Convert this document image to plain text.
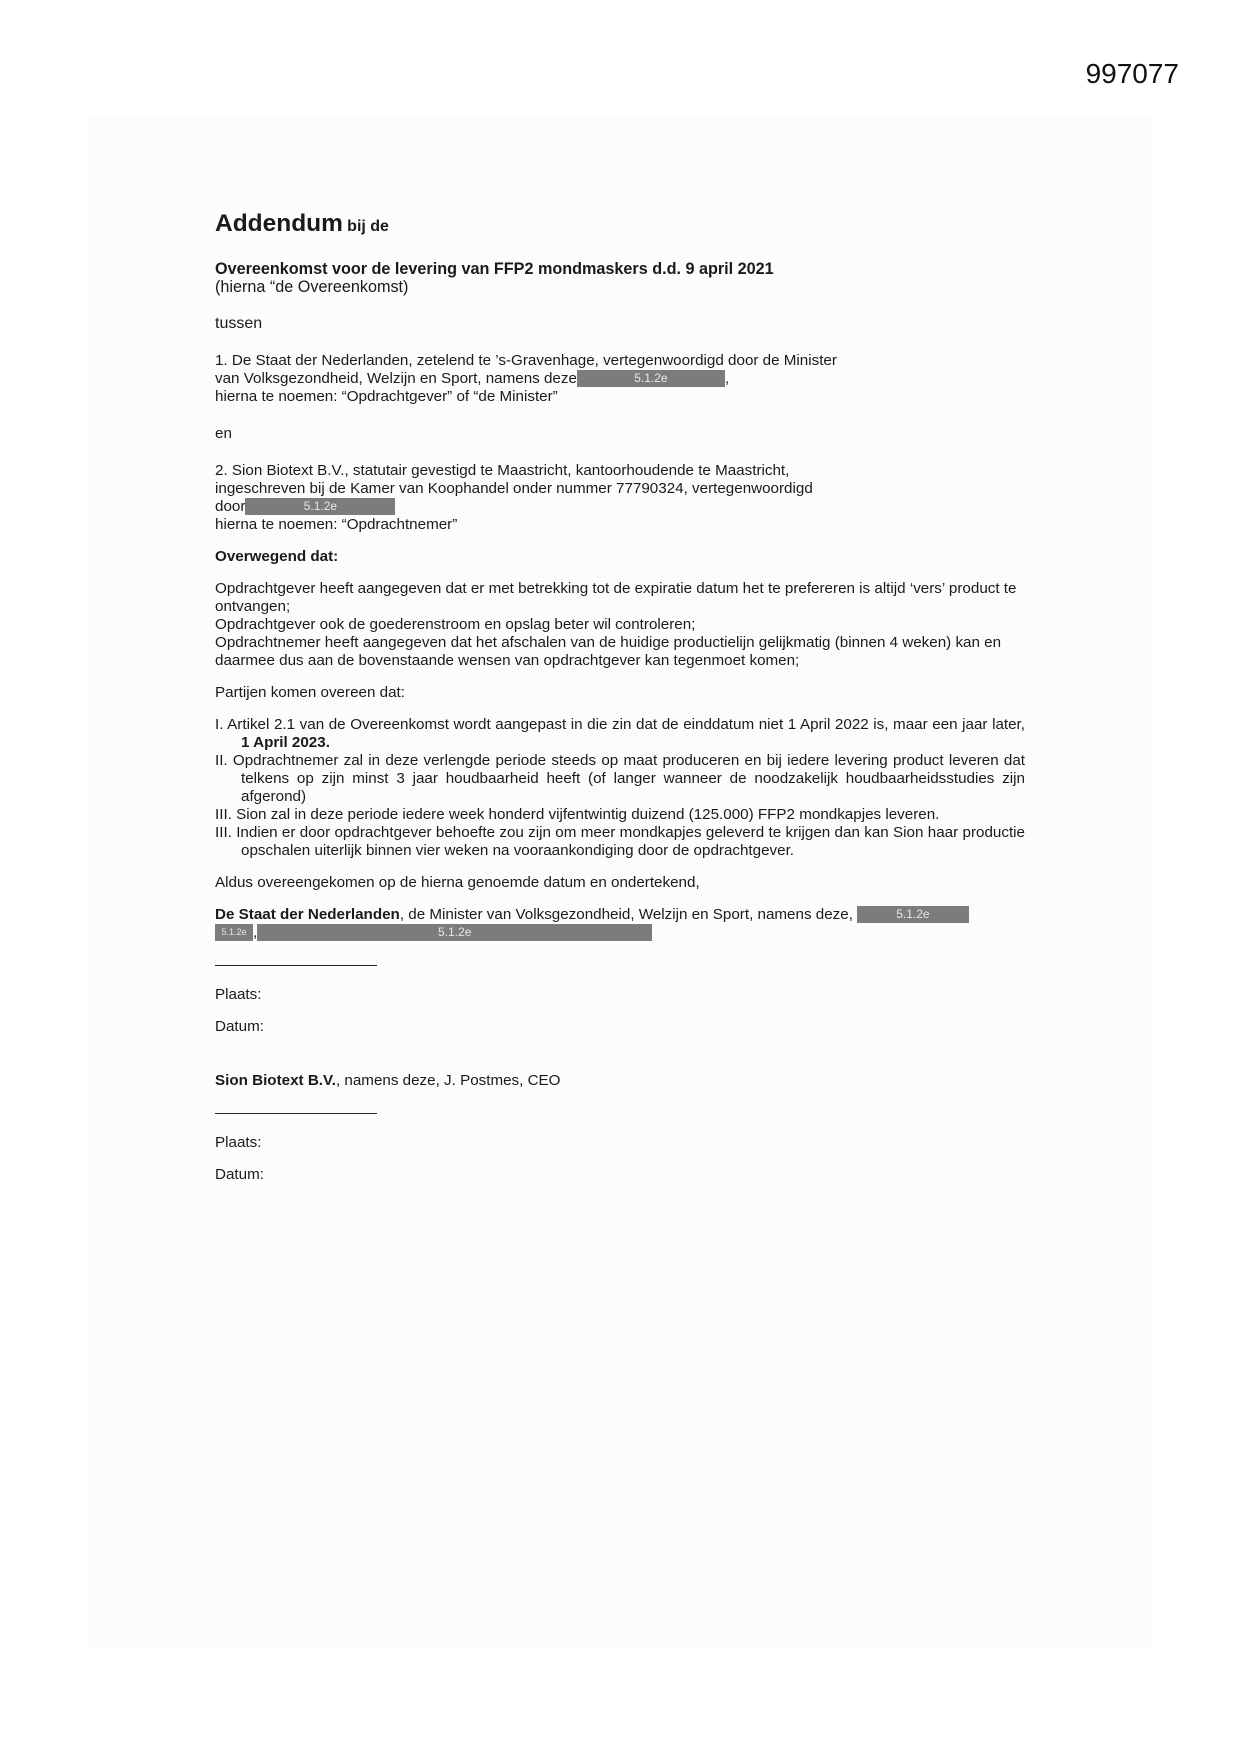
997077
Addendum bij de

Overeenkomst voor de levering van FFP2 mondmaskers d.d. 9 april 2021

(hierna “de Overeenkomst)

tussen

1. De Staat der Nederlanden, zetelend te ’s-Gravenhage, vertegenwoordigd door de Minister

van Volksgezondheid, Welzijn en Sport, namens deze	5.1.2e	,

hierna te noemen: “Opdrachtgever” of “de Minister”

en

2. Sion Biotext B.V., statutair gevestigd te Maastricht, kantoorhoudende te Maastricht,

ingeschreven bij de Kamer van Koophandel onder nummer 77790324, vertegenwoordigd

door	5.1.2e

hierna te noemen: “Opdrachtnemer”

Overwegend dat:

Opdrachtgever heeft aangegeven dat er met betrekking tot de expiratie datum het te prefereren is altijd ‘vers’ product te ontvangen;

Opdrachtgever ook de goederenstroom en opslag beter wil controleren;

Opdrachtnemer heeft aangegeven dat het afschalen van de huidige productielijn gelijkmatig (binnen 4 weken) kan en daarmee dus aan de bovenstaande wensen van opdrachtgever kan tegenmoet komen;

Partijen komen overeen dat:

I. Artikel 2.1 van de Overeenkomst wordt aangepast in die zin dat de einddatum niet 1 April 2022 is, maar een jaar later, 1 April 2023.
II. Opdrachtnemer zal in deze verlengde periode steeds op maat produceren en bij iedere levering product leveren dat telkens op zijn minst 3 jaar houdbaarheid heeft (of langer wanneer de noodzakelijk houdbaarheidsstudies zijn afgerond)
III. Sion zal in deze periode iedere week honderd vijfentwintig duizend (125.000) FFP2 mondkapjes leveren.
III. Indien er door opdrachtgever behoefte zou zijn om meer mondkapjes geleverd te krijgen dan kan Sion haar productie opschalen uiterlijk binnen vier weken na vooraankondiging door de opdrachtgever.

Aldus overeengekomen op de hierna genoemde datum en ondertekend,

De Staat der Nederlanden, de Minister van Volksgezondheid, Welzijn en Sport, namens deze,	5.1.2e

5.1.2e ,	5.1.2e

Plaats:

Datum:

Sion Biotext B.V., namens deze, J. Postmes, CEO

Plaats:

Datum:
